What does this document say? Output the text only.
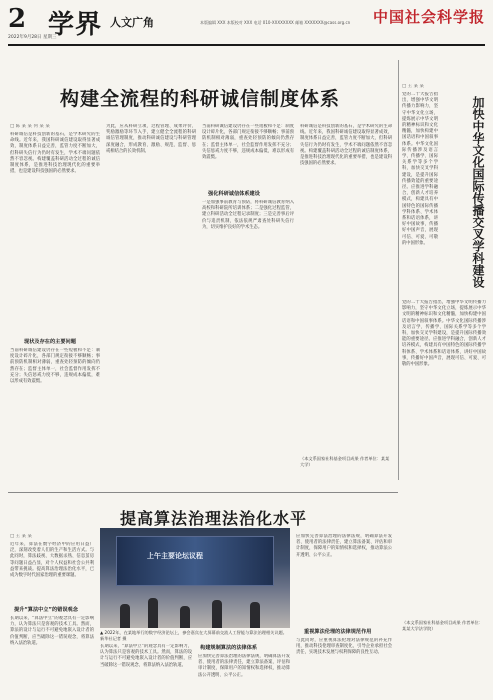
2
2022年9月28日 星期三
学界 人文广角	本版编辑 XXX 本版校对 XXX 电话 010-XXXXXXXX 邮箱 XXXXXXX@cass.org.cn	中国社会科学报
构建全流程的科研诚信制度体系
□ 陈 某 某 何 某 某
科研诚信是科技创新的基石，是学术研究的生命线。近年来，我国科研诚信建设取得显著成效，制度体系日益完善，监管力度不断加大，但科研失信行为仍时有发生，学术不端问题依然不容忽视。构建覆盖科研活动全过程的诚信制度体系，是推进科技治理现代化的重要举措，也是建设科技强国的必然要求。
现状及存在的主要问题
当前科研诚信建设仍存在一些短板和不足：制度设计碎片化，各部门规定衔接不够顺畅；事前预防机制相对薄弱，重查处轻预防的倾向仍然存在；监督主体单一，社会监督作用发挥不充分；失信惩戒力度不够，违规成本偏低，难以形成有效震慑。
为此，应从科研立项、过程管理、成果评价、奖励激励等环节入手，建立健全全流程的科研诚信管理制度，推动科研诚信建设与科研管理深度融合，形成教育、激励、规范、监督、惩戒相结合的长效机制。
当前科研诚信建设仍存在一些短板和不足：制度设计碎片化，各部门规定衔接不够顺畅；事前预防机制相对薄弱，重查处轻预防的倾向仍然存在；监督主体单一，社会监督作用发挥不充分；失信惩戒力度不够，违规成本偏低，难以形成有效震慑。
强化科研诚信体系建设
一是加强事前教育与预防，将科研诚信教育纳入高校和科研院所培训体系；二是强化过程监管，建立科研活动全过程记录制度；三是完善事后评价与追责机制，依法依规严肃查处科研失信行为，切实维护良好的学术生态。
科研诚信是科技创新的基石，是学术研究的生命线。近年来，我国科研诚信建设取得显著成效，制度体系日益完善，监管力度不断加大，但科研失信行为仍时有发生，学术不端问题依然不容忽视。构建覆盖科研活动全过程的诚信制度体系，是推进科技治理现代化的重要举措，也是建设科技强国的必然要求。
（本文系国家社科基金项目成果 作者单位：某某大学）
□ 王 某 某
加快中华文化国际传播交叉学科建设
党的二十大报告指出，增强中华文明传播力影响力，坚守中华文化立场，提炼展示中华文明的精神标识和文化精髓，加快构建中国话语和中国叙事体系。中华文化国际传播涉及语言学、传播学、国际关系学等多个学科，加快交叉学科建设，是提升国际传播效能的重要途径。应推进学科融合，创新人才培养模式，构建具有中国特色的国际传播学科体系、学术体系和话语体系，讲好中国故事，传播好中国声音，展现可信、可爱、可敬的中国形象。
党的二十大报告指出，增强中华文明传播力影响力，坚守中华文化立场，提炼展示中华文明的精神标识和文化精髓，加快构建中国话语和中国叙事体系。中华文化国际传播涉及语言学、传播学、国际关系学等多个学科，加快交叉学科建设，是提升国际传播效能的重要途径。应推进学科融合，创新人才培养模式，构建具有中国特色的国际传播学科体系、学术体系和话语体系，讲好中国故事，传播好中国声音，展现可信、可爱、可敬的中国形象。
提高算法治理法治化水平
□ 王 某 某
近年来，算法在数字经济中的应用日益广泛，深刻改变着人们的生产和生活方式。与此同时，算法歧视、大数据杀熟、信息茧房等问题日益凸显，对个人权益和社会公共利益带来挑战。提高算法治理法治化水平，已成为数字时代国家治理的重要课题。
提升“算法中立”的错误观念
长期以来，“算法中立”的观念具有一定影响力，认为算法只是客观的技术工具。然而，算法的设计与运行不可避免地嵌入设计者的价值判断，应当破除这一错误观念，将算法纳入法治轨道。
上午主要论坛议程
▲ 2022年，在某地举行的数字经济论坛上，参会嘉宾在大屏幕前交流人工智能与算法治理相关议题。 新华社记者 摄
长期以来，“算法中立”的观念具有一定影响力，认为算法只是客观的技术工具。然而，算法的设计与运行不可避免地嵌入设计者的价值判断，应当破除这一错误观念，将算法纳入法治轨道。
构建规制算法的法律体系
应加快完善算法治理的法律法规，明确算法开发者、使用者的法律责任，建立算法备案、评估和审计制度，保障用户的知情权和选择权，推动算法公开透明、公平公正。
应加快完善算法治理的法律法规，明确算法开发者、使用者的法律责任，建立算法备案、评估和审计制度，保障用户的知情权和选择权，推动算法公开透明、公平公正。
重视算法伦理的法律规范作用
与此同时，应重视算法伦理对法律规范的补充作用，推动科技伦理审查制度化，引导企业承担社会责任，实现技术发展与权利保障的良性互动。
（本文系国家社科基金项目成果 作者单位：某某大学法学院）
